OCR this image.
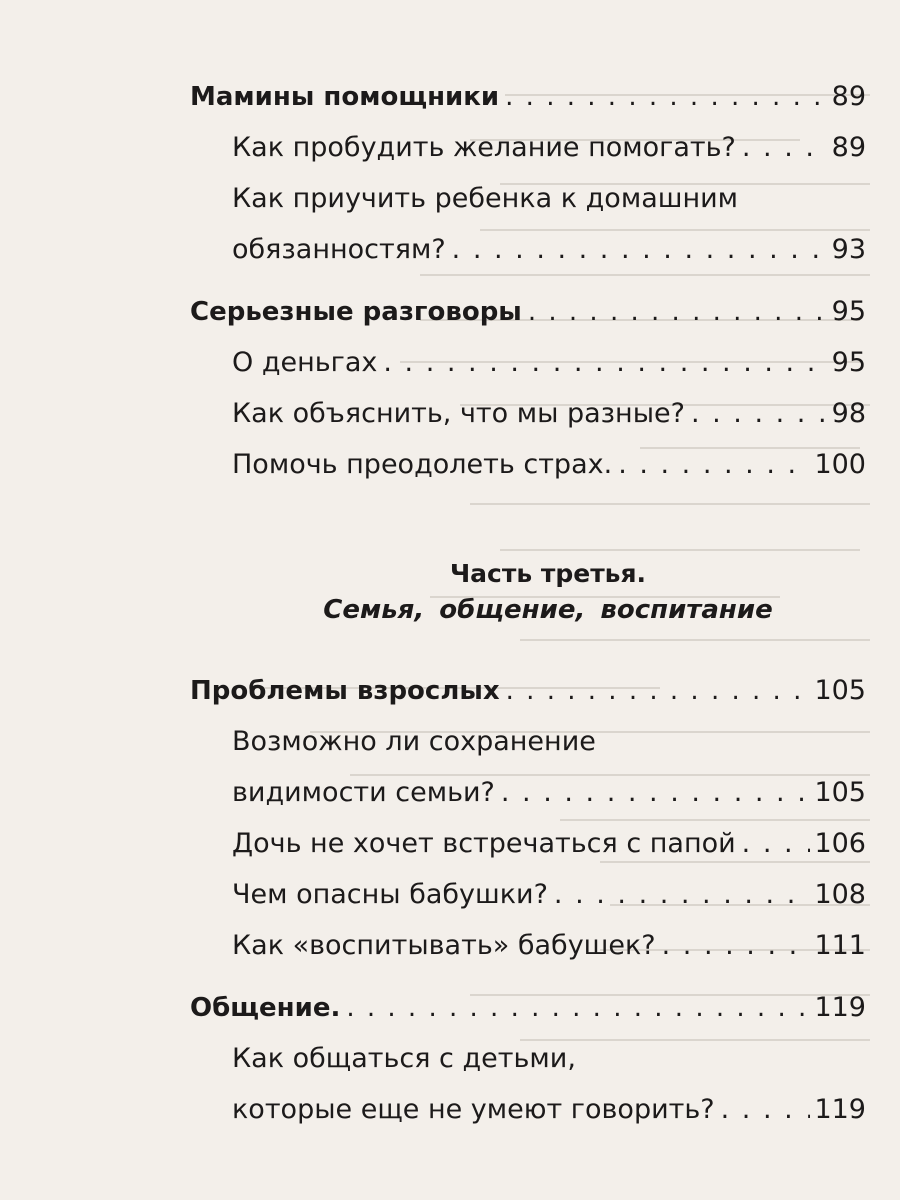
Мамины помощники . . .	89
Как пробудить желание помогать? . . .	89
Как приучить ребенка к домашним
обязанностям? . . .	93
Серьезные разговоры . . .	95
О деньгах . . .	95
Как объяснить, что мы разные? . . .	98
Помочь преодолеть страх. . . .	100
Часть третья.
Семья, общение, воспитание
Проблемы взрослых . . .	105
Возможно ли сохранение
видимости семьи? . . .	105
Дочь не хочет встречаться с папой . . .	106
Чем опасны бабушки? . . .	108
Как «воспитывать» бабушек? . . .	111
Общение. . . .	119
Как общаться с детьми,
которые еще не умеют говорить? . . .	119
